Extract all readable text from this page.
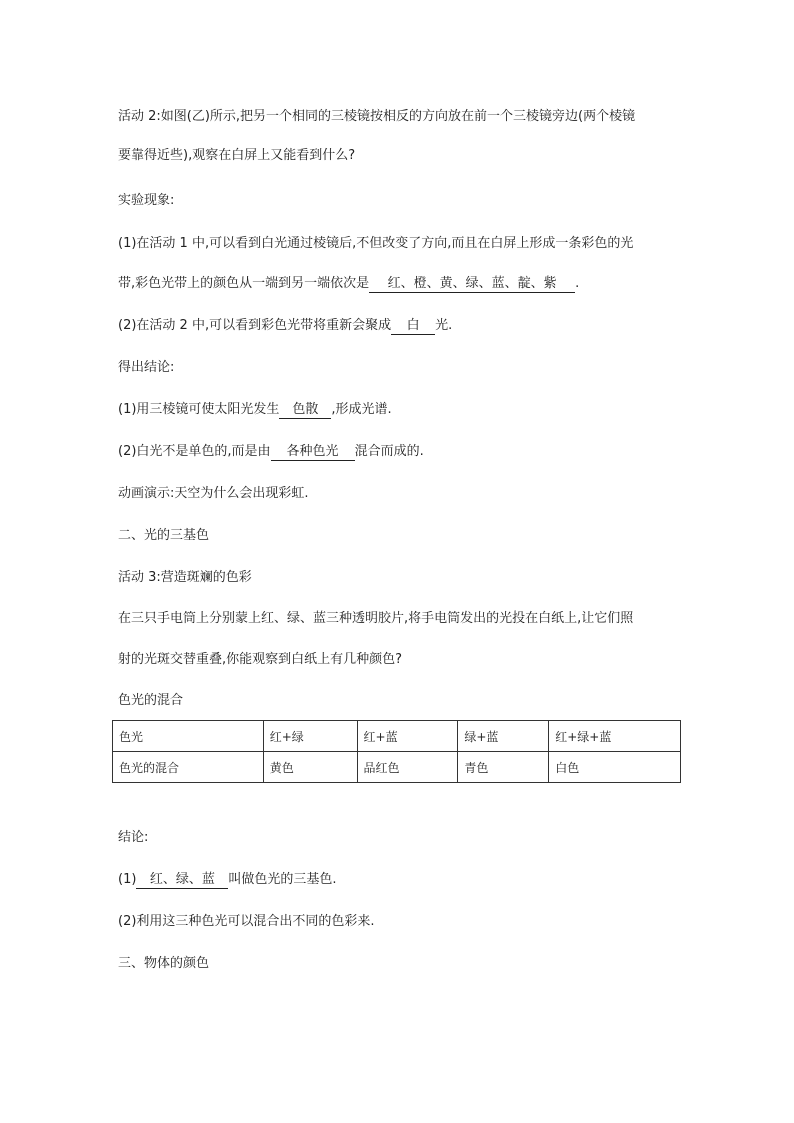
活动 2:如图(乙)所示,把另一个相同的三棱镜按相反的方向放在前一个三棱镜旁边(两个棱镜
要靠得近些),观察在白屏上又能看到什么?
实验现象:
(1)在活动 1 中,可以看到白光通过棱镜后,不但改变了方向,而且在白屏上形成一条彩色的光
带,彩色光带上的颜色从一端到另一端依次是 红、橙、黄、绿、蓝、靛、紫 .
(2)在活动 2 中,可以看到彩色光带将重新会聚成 白 光.
得出结论:
(1)用三棱镜可使太阳光发生 色散 ,形成光谱.
(2)白光不是单色的,而是由 各种色光 混合而成的.
动画演示:天空为什么会出现彩虹.
二、光的三基色
活动 3:营造斑斓的色彩
在三只手电筒上分别蒙上红、绿、蓝三种透明胶片,将手电筒发出的光投在白纸上,让它们照
射的光斑交替重叠,你能观察到白纸上有几种颜色?
色光的混合
色光	红+绿	红+蓝	绿+蓝	红+绿+蓝
色光的混合	黄色	品红色	青色	白色
结论:
(1) 红、绿、蓝 叫做色光的三基色.
(2)利用这三种色光可以混合出不同的色彩来.
三、物体的颜色
